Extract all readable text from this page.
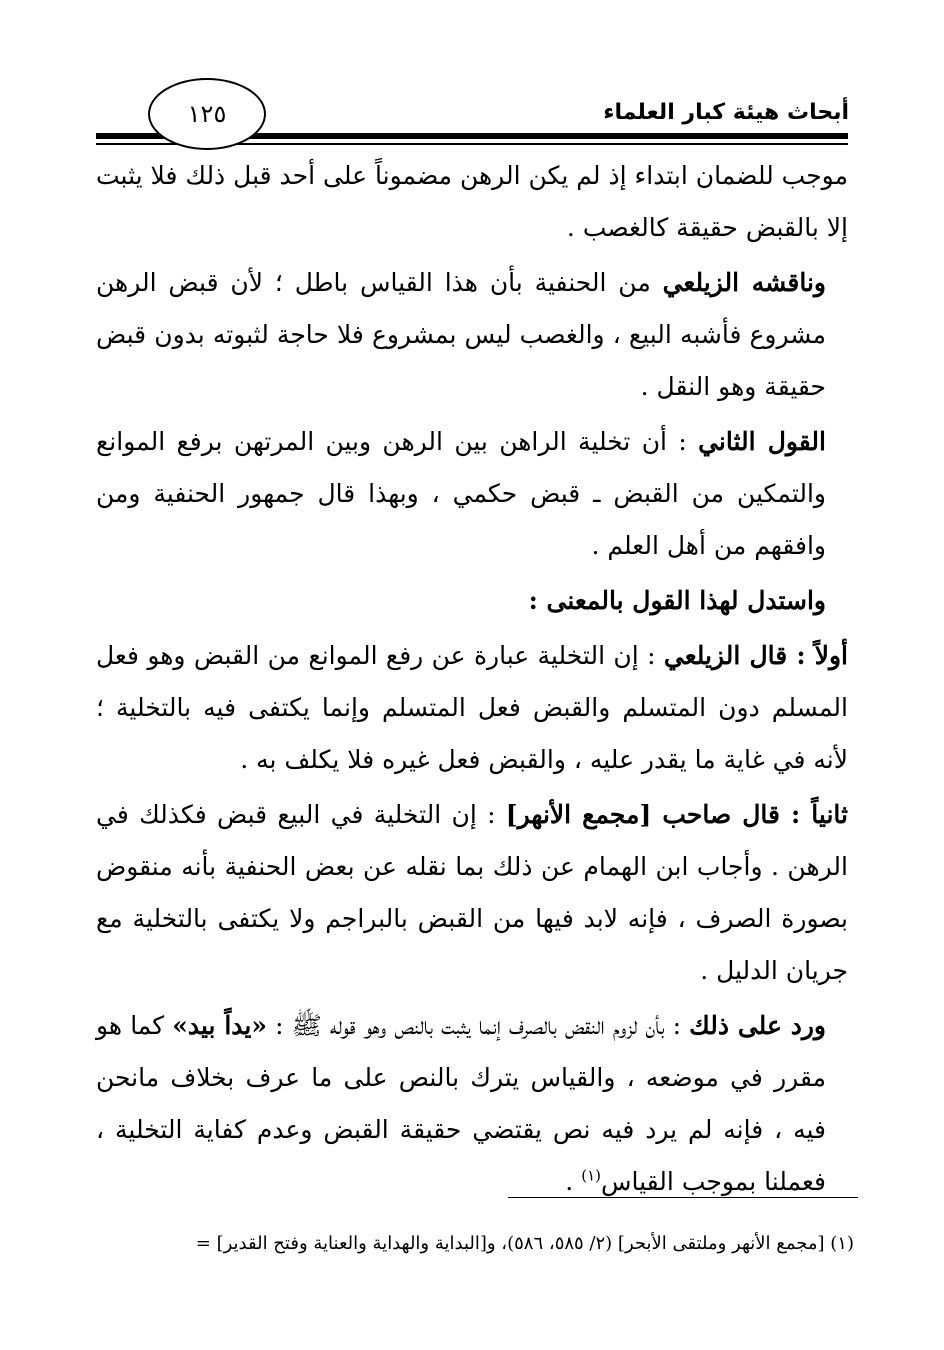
أبحاث هيئة كبار العلماء
١٢٥

موجب للضمان ابتداء إذ لم يكن الرهن مضموناً على أحد قبل ذلك فلا يثبت إلا بالقبض حقيقة كالغصب .

وناقشه الزيلعي من الحنفية بأن هذا القياس باطل ؛ لأن قبض الرهن مشروع فأشبه البيع ، والغصب ليس بمشروع فلا حاجة لثبوته بدون قبض حقيقة وهو النقل .

القول الثاني : أن تخلية الراهن بين الرهن وبين المرتهن برفع الموانع والتمكين من القبض ـ قبض حكمي ، وبهذا قال جمهور الحنفية ومن وافقهم من أهل العلم .

واستدل لهذا القول بالمعنى :

أولاً : قال الزيلعي : إن التخلية عبارة عن رفع الموانع من القبض وهو فعل المسلم دون المتسلم والقبض فعل المتسلم وإنما يكتفى فيه بالتخلية ؛ لأنه في غاية ما يقدر عليه ، والقبض فعل غيره فلا يكلف به .

ثانياً : قال صاحب [مجمع الأنهر] : إن التخلية في البيع قبض فكذلك في الرهن . وأجاب ابن الهمام عن ذلك بما نقله عن بعض الحنفية بأنه منقوض بصورة الصرف ، فإنه لابد فيها من القبض بالبراجم ولا يكتفى بالتخلية مع جريان الدليل .

ورد على ذلك : بأن لزوم النقض بالصرف إنما يثبت بالنص وهو قوله ﷺ : «يداً بيد» كما هو مقرر في موضعه ، والقياس يترك بالنص على ما عرف بخلاف مانحن فيه ، فإنه لم يرد فيه نص يقتضي حقيقة القبض وعدم كفاية التخلية ، فعملنا بموجب القياس$^{(١)}$ .

(١) [مجمع الأنهر وملتقى الأبحر] (٢/ ٥٨٥، ٥٨٦)، و[البداية والهداية والعناية وفتح القدير] =
